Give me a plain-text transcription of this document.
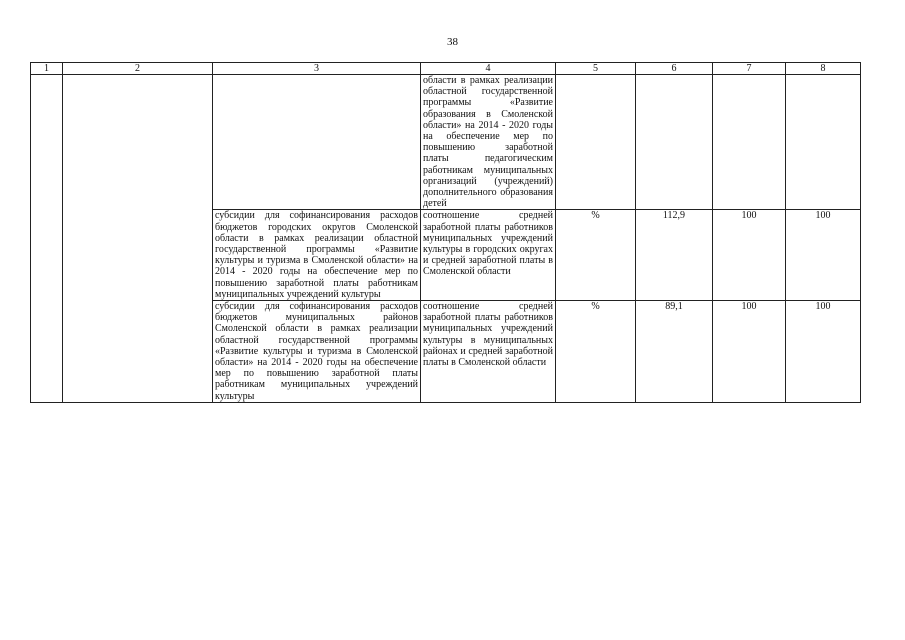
38
1	2	3	4	5	6	7	8
			области в рамках реализации областной государственной программы «Развитие образования в Смоленской области» на 2014 - 2020 годы на обеспечение мер по повышению заработной платы педагогическим работникам муниципальных организаций (учреждений) дополнительного образования детей				
		субсидии для софинансирования расходов бюджетов городских округов Смоленской области в рамках реализации областной государственной программы «Развитие культуры и туризма в Смоленской области» на 2014 - 2020 годы на обеспечение мер по повышению заработной платы работникам муниципальных учреждений культуры	соотношение средней заработной платы работников муниципальных учреждений культуры в городских округах и средней заработной платы в Смоленской области	%	112,9	100	100
		субсидии для софинансирования расходов бюджетов муниципальных районов Смоленской области в рамках реализации областной государственной программы «Развитие культуры и туризма в Смоленской области» на 2014 - 2020 годы на обеспечение мер по повышению заработной платы работникам муниципальных учреждений культуры	соотношение средней заработной платы работников муниципальных учреждений культуры в муниципальных районах и средней заработной платы в Смоленской области	%	89,1	100	100
